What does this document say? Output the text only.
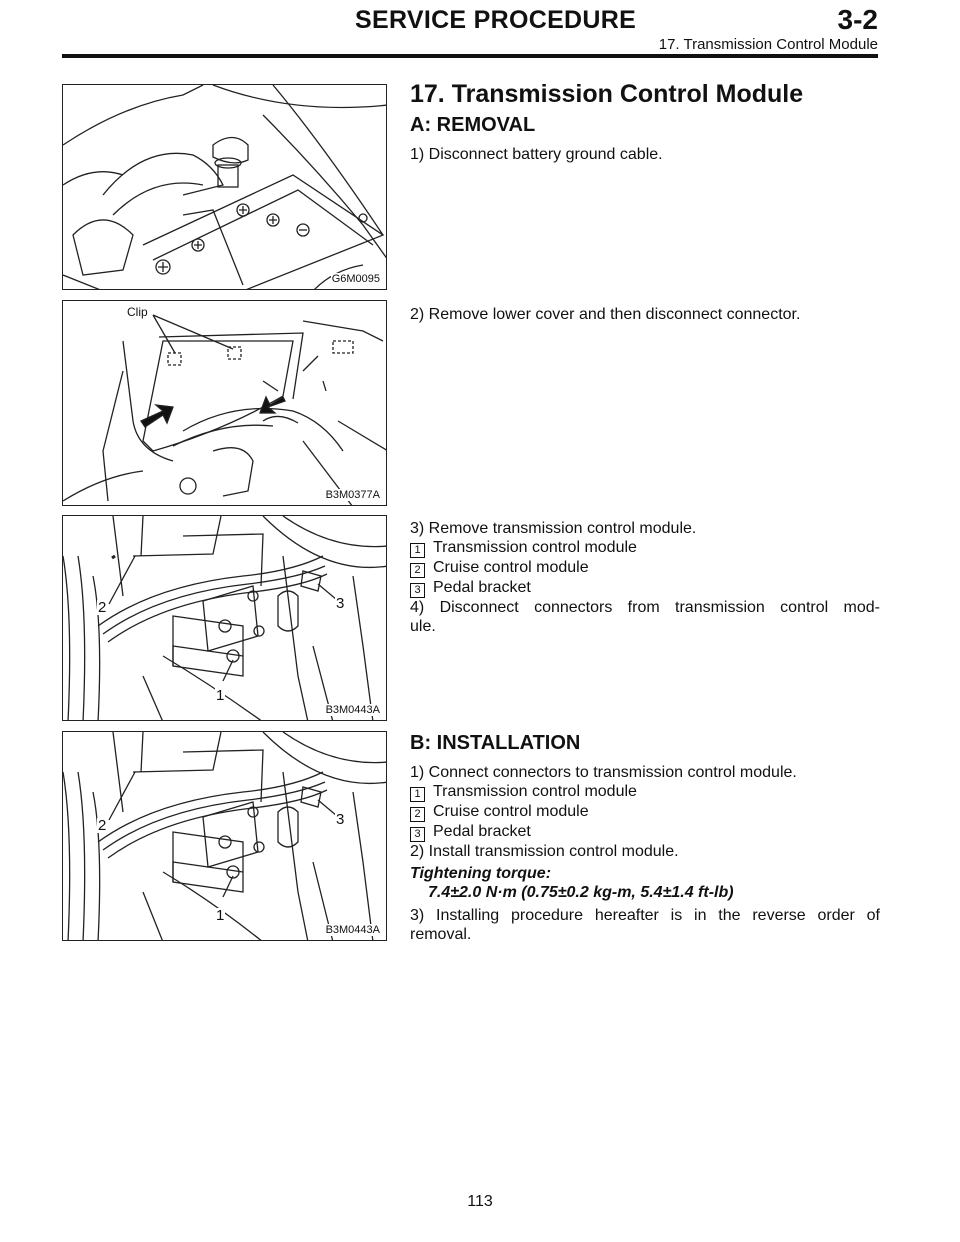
SERVICE PROCEDURE	3-2
17. Transmission Control Module
G6M0095
Clip
B3M0377A
2
1
3
B3M0443A
2
1
3
B3M0443A
17. Transmission Control Module
A: REMOVAL
1) Disconnect battery ground cable.
2) Remove lower cover and then disconnect connector.
3) Remove transmission control module.
1 Transmission control module
2 Cruise control module
3 Pedal bracket
4) Disconnect connectors from transmission control mod-
ule.
B: INSTALLATION
1) Connect connectors to transmission control module.
1 Transmission control module
2 Cruise control module
3 Pedal bracket
2) Install transmission control module.
Tightening torque:
7.4±2.0 N·m (0.75±0.2 kg-m, 5.4±1.4 ft-lb)
3) Installing procedure hereafter is in the reverse order of
removal.
113
